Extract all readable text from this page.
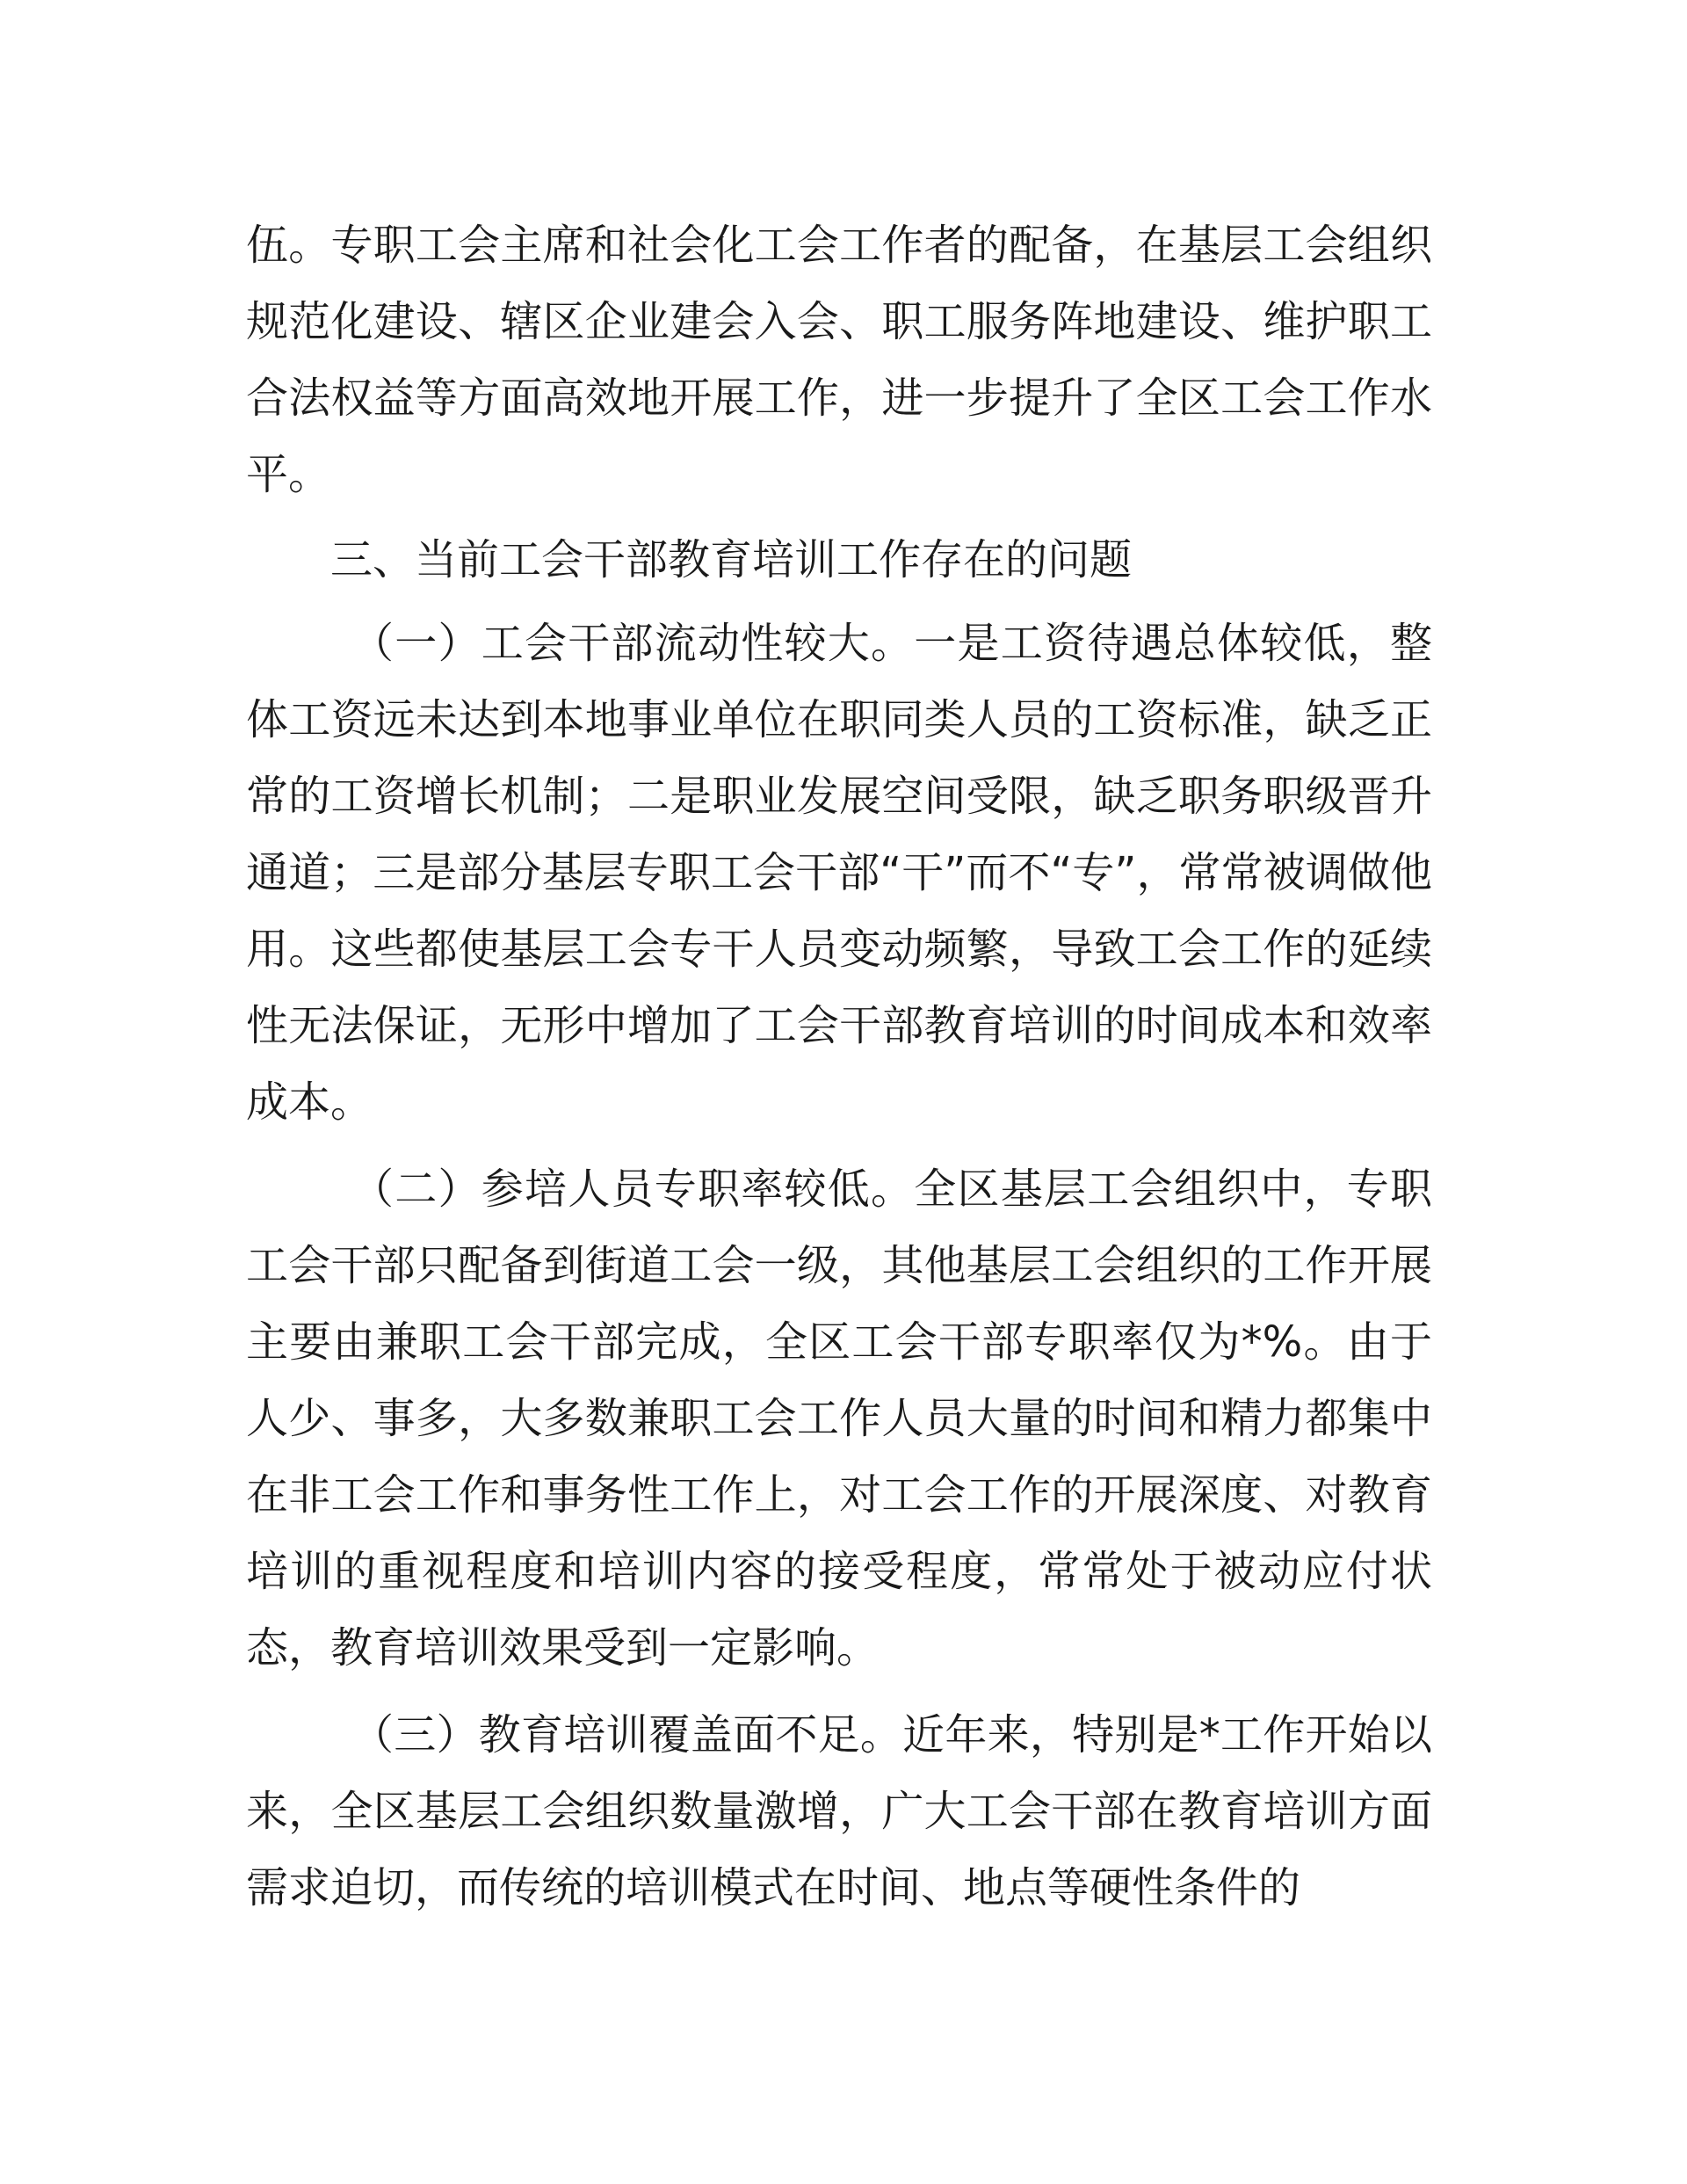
伍。专职工会主席和社会化工会工作者的配备，在基层工会组织规范化建设、辖区企业建会入会、职工服务阵地建设、维护职工合法权益等方面高效地开展工作，进一步提升了全区工会工作水平。

三、当前工会干部教育培训工作存在的问题

（一）工会干部流动性较大。一是工资待遇总体较低，整体工资远未达到本地事业单位在职同类人员的工资标准，缺乏正常的工资增长机制；二是职业发展空间受限，缺乏职务职级晋升通道；三是部分基层专职工会干部“干”而不“专”，常常被调做他用。这些都使基层工会专干人员变动频繁，导致工会工作的延续性无法保证，无形中增加了工会干部教育培训的时间成本和效率成本。

（二）参培人员专职率较低。全区基层工会组织中，专职工会干部只配备到街道工会一级，其他基层工会组织的工作开展主要由兼职工会干部完成，全区工会干部专职率仅为*%。由于人少、事多，大多数兼职工会工作人员大量的时间和精力都集中在非工会工作和事务性工作上，对工会工作的开展深度、对教育培训的重视程度和培训内容的接受程度，常常处于被动应付状态，教育培训效果受到一定影响。

（三）教育培训覆盖面不足。近年来，特别是*工作开始以来，全区基层工会组织数量激增，广大工会干部在教育培训方面需求迫切，而传统的培训模式在时间、地点等硬性条件的
